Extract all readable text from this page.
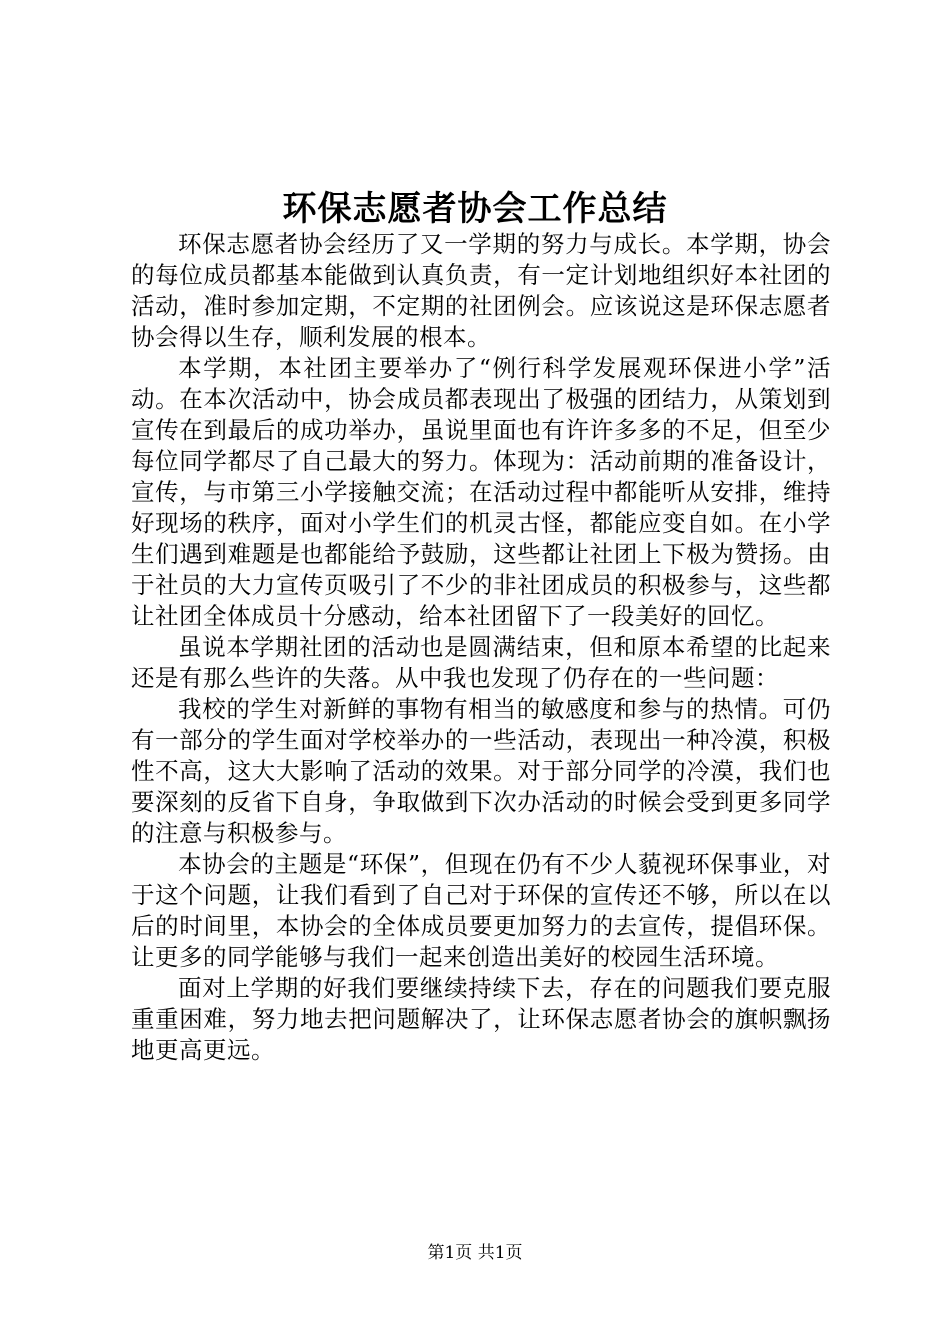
环保志愿者协会工作总结

环保志愿者协会经历了又一学期的努力与成长。本学期，协会的每位成员都基本能做到认真负责，有一定计划地组织好本社团的活动，准时参加定期，不定期的社团例会。应该说这是环保志愿者协会得以生存，顺利发展的根本。

本学期，本社团主要举办了“例行科学发展观环保进小学”活动。在本次活动中，协会成员都表现出了极强的团结力，从策划到宣传在到最后的成功举办，虽说里面也有许许多多的不足，但至少每位同学都尽了自己最大的努力。体现为：活动前期的准备设计，宣传，与市第三小学接触交流；在活动过程中都能听从安排，维持好现场的秩序，面对小学生们的机灵古怪，都能应变自如。在小学生们遇到难题是也都能给予鼓励，这些都让社团上下极为赞扬。由于社员的大力宣传页吸引了不少的非社团成员的积极参与，这些都让社团全体成员十分感动，给本社团留下了一段美好的回忆。

虽说本学期社团的活动也是圆满结束，但和原本希望的比起来还是有那么些许的失落。从中我也发现了仍存在的一些问题：

我校的学生对新鲜的事物有相当的敏感度和参与的热情。可仍有一部分的学生面对学校举办的一些活动，表现出一种冷漠，积极性不高，这大大影响了活动的效果。对于部分同学的冷漠，我们也要深刻的反省下自身，争取做到下次办活动的时候会受到更多同学的注意与积极参与。

本协会的主题是“环保”，但现在仍有不少人藐视环保事业，对于这个问题，让我们看到了自己对于环保的宣传还不够，所以在以后的时间里，本协会的全体成员要更加努力的去宣传，提倡环保。让更多的同学能够与我们一起来创造出美好的校园生活环境。

面对上学期的好我们要继续持续下去，存在的问题我们要克服重重困难，努力地去把问题解决了，让环保志愿者协会的旗帜飘扬地更高更远。

第1页 共1页
